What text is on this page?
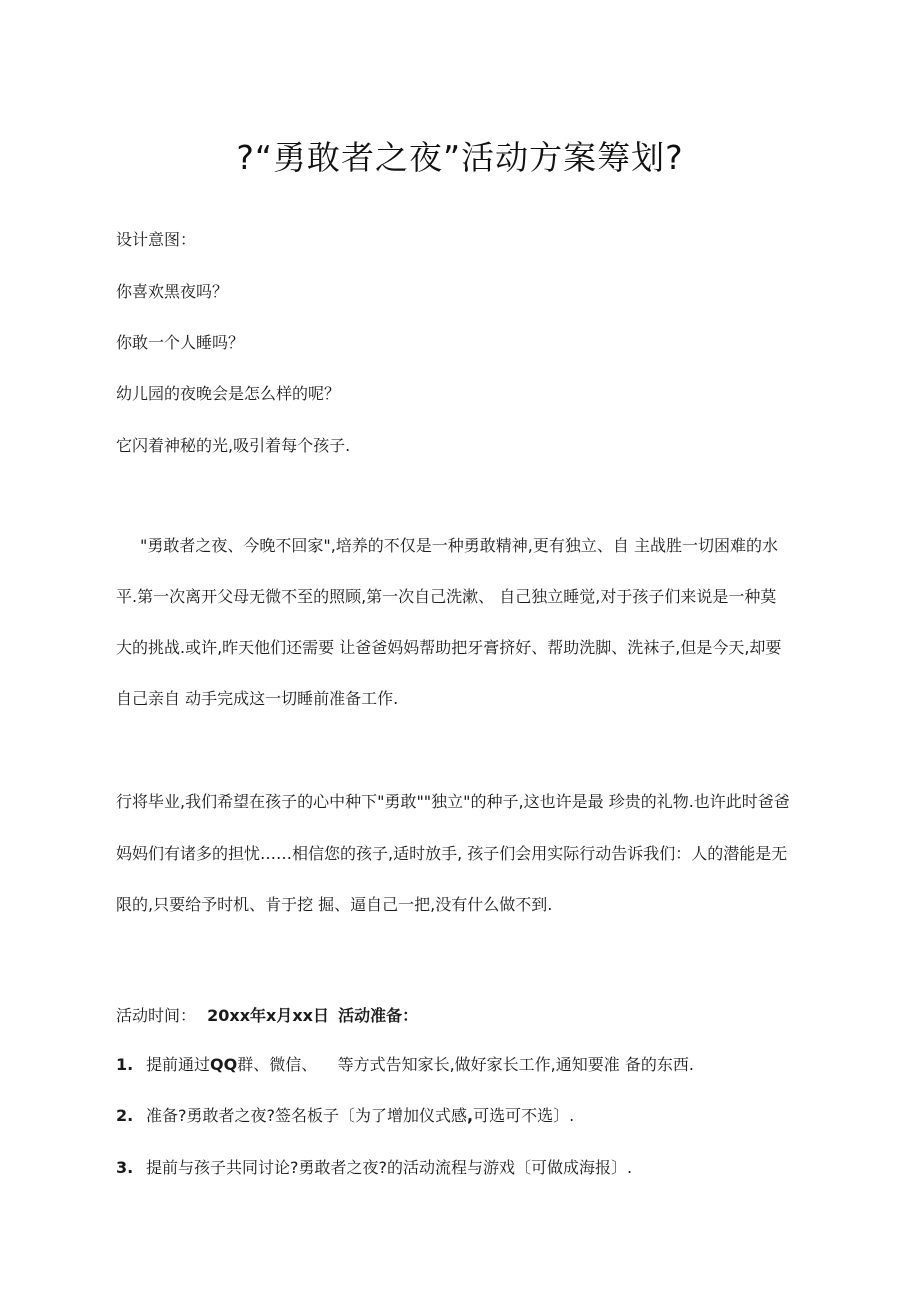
?“勇敢者之夜”活动方案筹划?
设计意图：
你喜欢黑夜吗？
你敢一个人睡吗？
幼儿园的夜晚会是怎么样的呢？
它闪着神秘的光,吸引着每个孩子.
"勇敢者之夜、今晚不回家",培养的不仅是一种勇敢精神,更有独立、自 主战胜一切困难的水
平.第一次离开父母无微不至的照顾,第一次自己洗漱、 自己独立睡觉,对于孩子们来说是一种莫
大的挑战.或许,昨天他们还需要 让爸爸妈妈帮助把牙膏挤好、帮助洗脚、洗袜子,但是今天,却要
自己亲自 动手完成这一切睡前准备工作.
行将毕业,我们希望在孩子的心中种下"勇敢""独立"的种子,这也许是最 珍贵的礼物.也许此时爸爸
妈妈们有诸多的担忧……相信您的孩子,适时放手, 孩子们会用实际行动告诉我们：人的潜能是无
限的,只要给予时机、肯于挖 掘、逼自己一把,没有什么做不到.
活动时间： 20xx年x月xx日 活动准备：
1. 提前通过QQ群、微信、    等方式告知家长,做好家长工作,通知要准 备的东西.
2. 准备?勇敢者之夜?签名板子〔为了增加仪式感,可选可不选〕.
3. 提前与孩子共同讨论?勇敢者之夜?的活动流程与游戏〔可做成海报〕.
